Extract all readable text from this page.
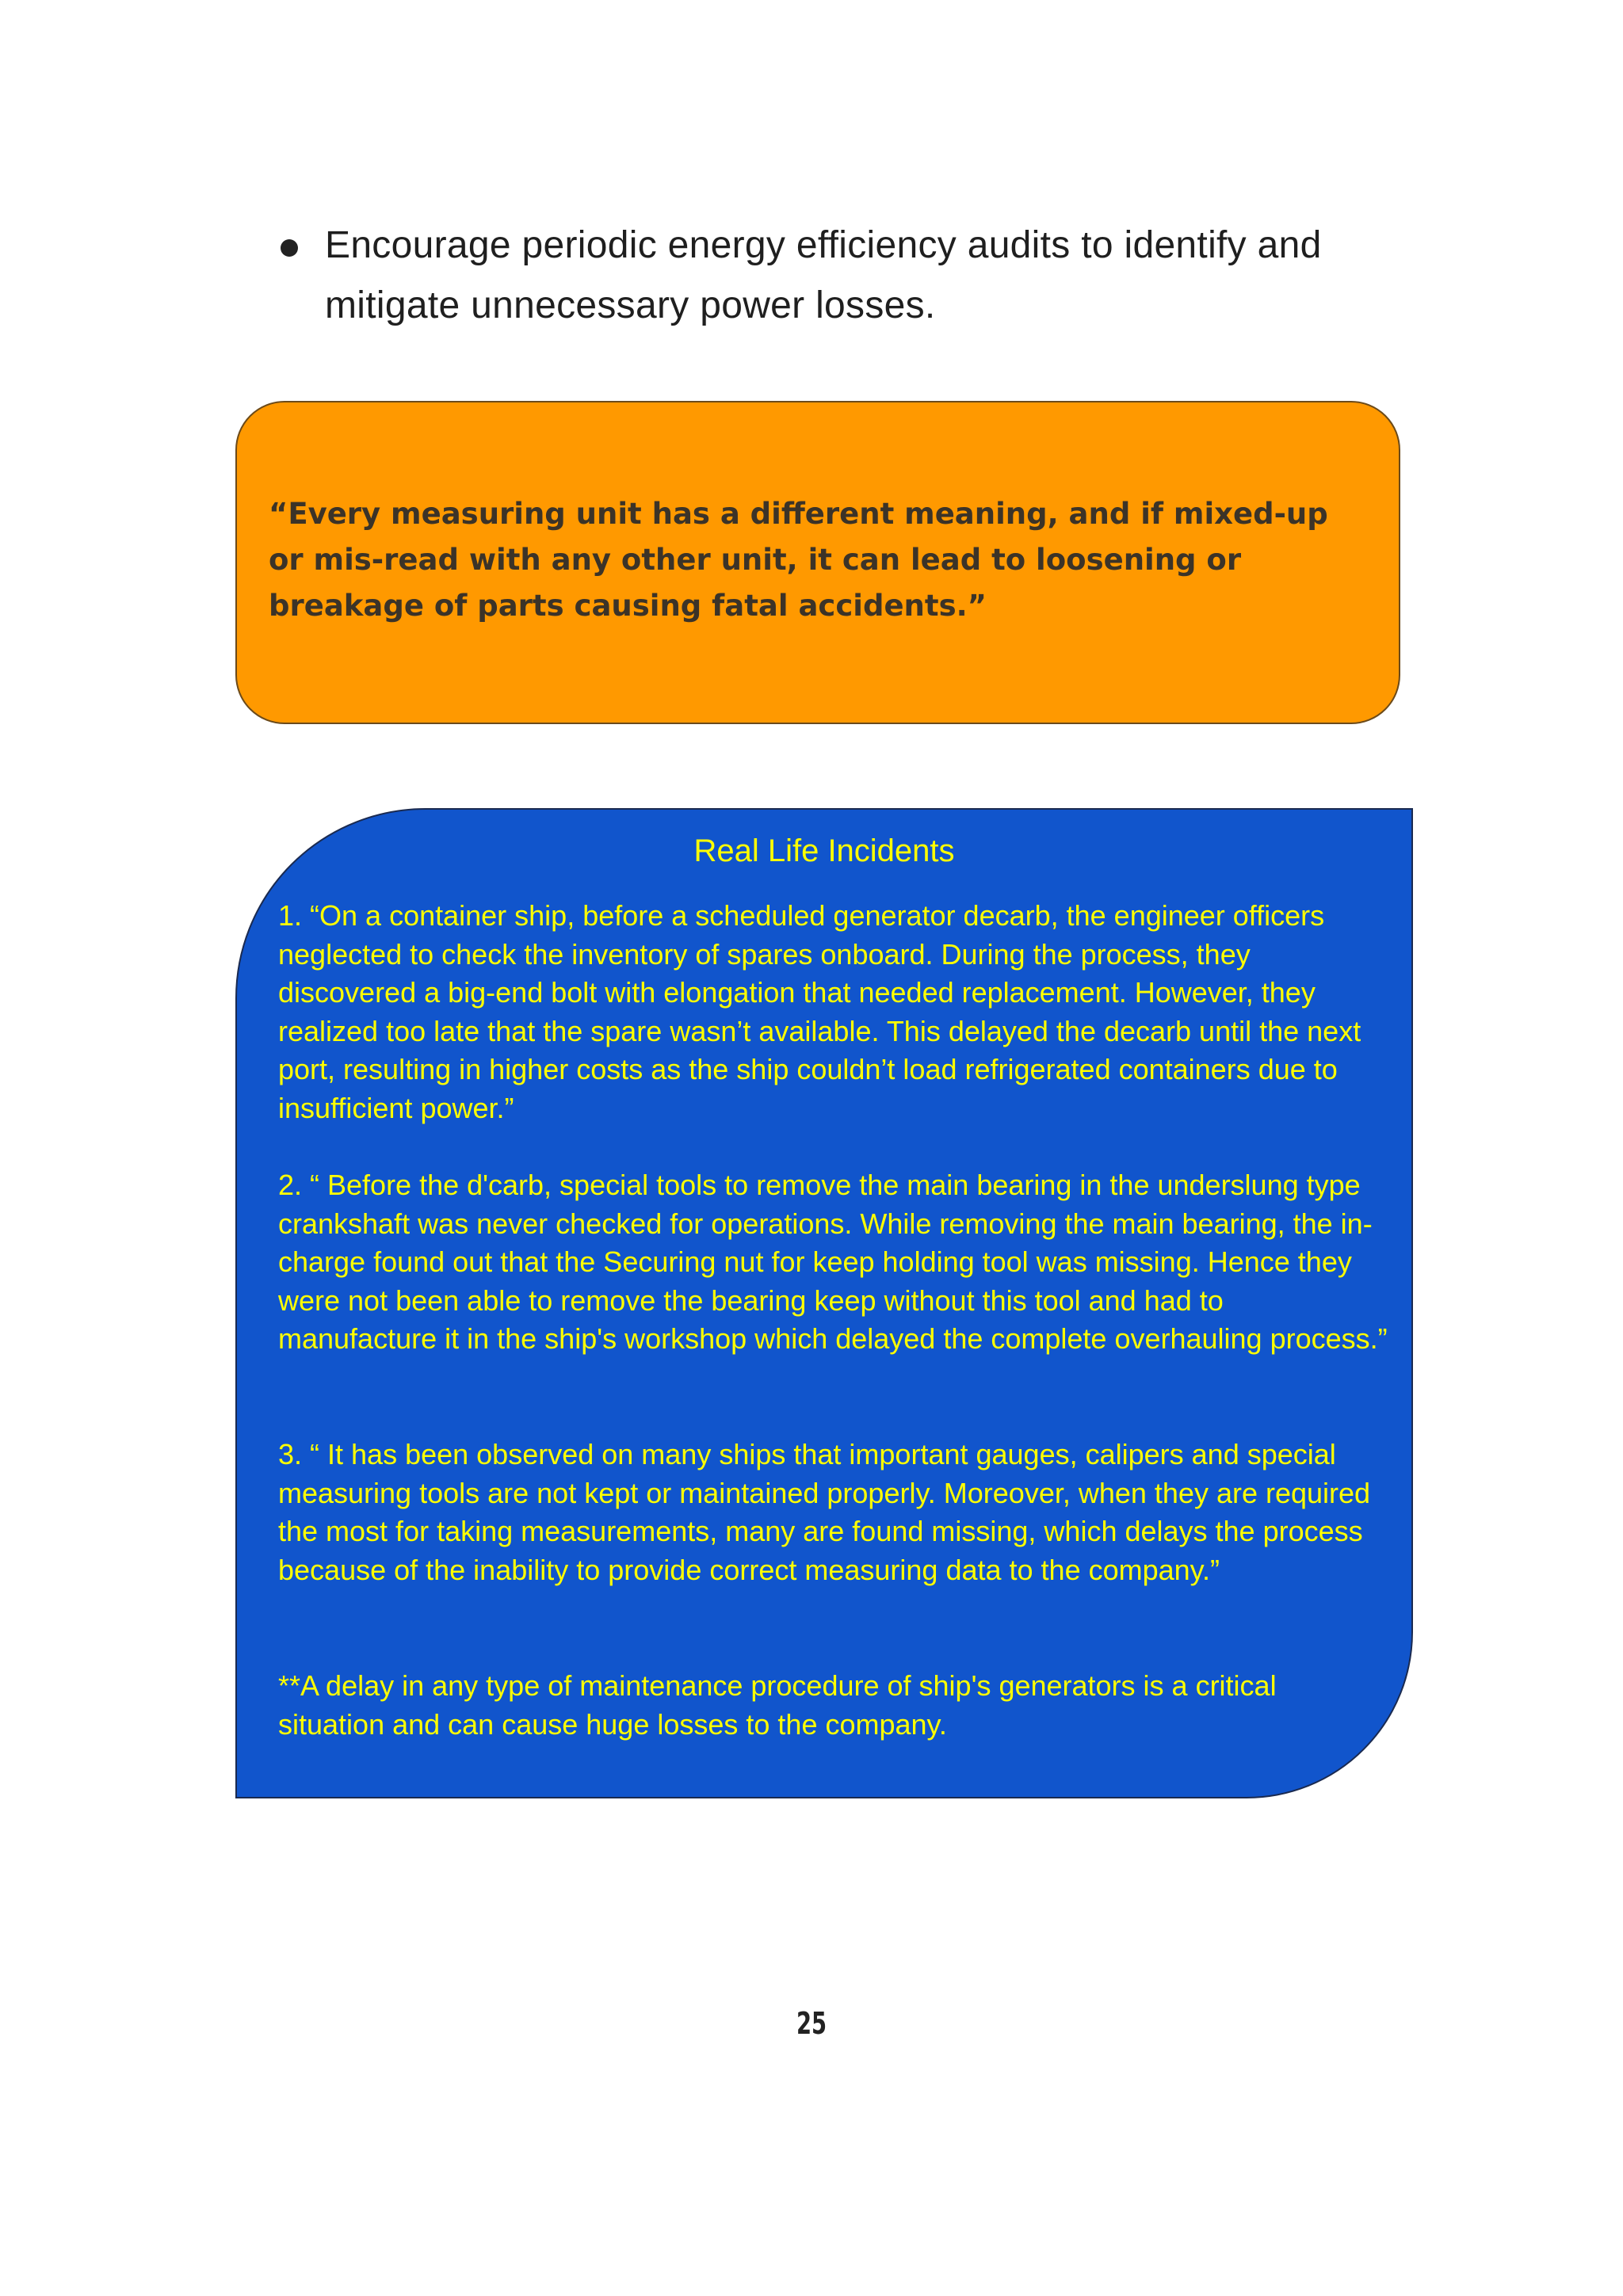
Encourage periodic energy efficiency audits to identify and mitigate unnecessary power losses.

“Every measuring unit has a different meaning, and if mixed-up or mis-read with any other unit, it can lead to loosening or breakage of parts causing fatal accidents.”

Real Life Incidents

1. “On a container ship, before a scheduled generator decarb, the engineer officers neglected to check the inventory of spares onboard. During the process, they discovered a big-end bolt with elongation that needed replacement. However, they realized too late that the spare wasn’t available. This delayed the decarb until the next port, resulting in higher costs as the ship couldn’t load refrigerated containers due to insufficient power.”

2. “ Before the d'carb, special tools to remove the main bearing in the underslung type crankshaft was never checked for operations. While removing the main bearing, the in-charge found out that the Securing nut for keep holding tool was missing. Hence they were not been able to remove the bearing keep without this tool and had to manufacture it in the ship's workshop which delayed the complete overhauling process.”

3. “ It has been observed on many ships that important gauges, calipers and special measuring tools are not kept or maintained properly. Moreover, when they are required the most for taking measurements, many are found missing, which delays the process because of the inability to provide correct measuring data to the company.”

**A delay in any type of maintenance procedure of ship's generators is a critical situation and can cause huge losses to the company.

25
